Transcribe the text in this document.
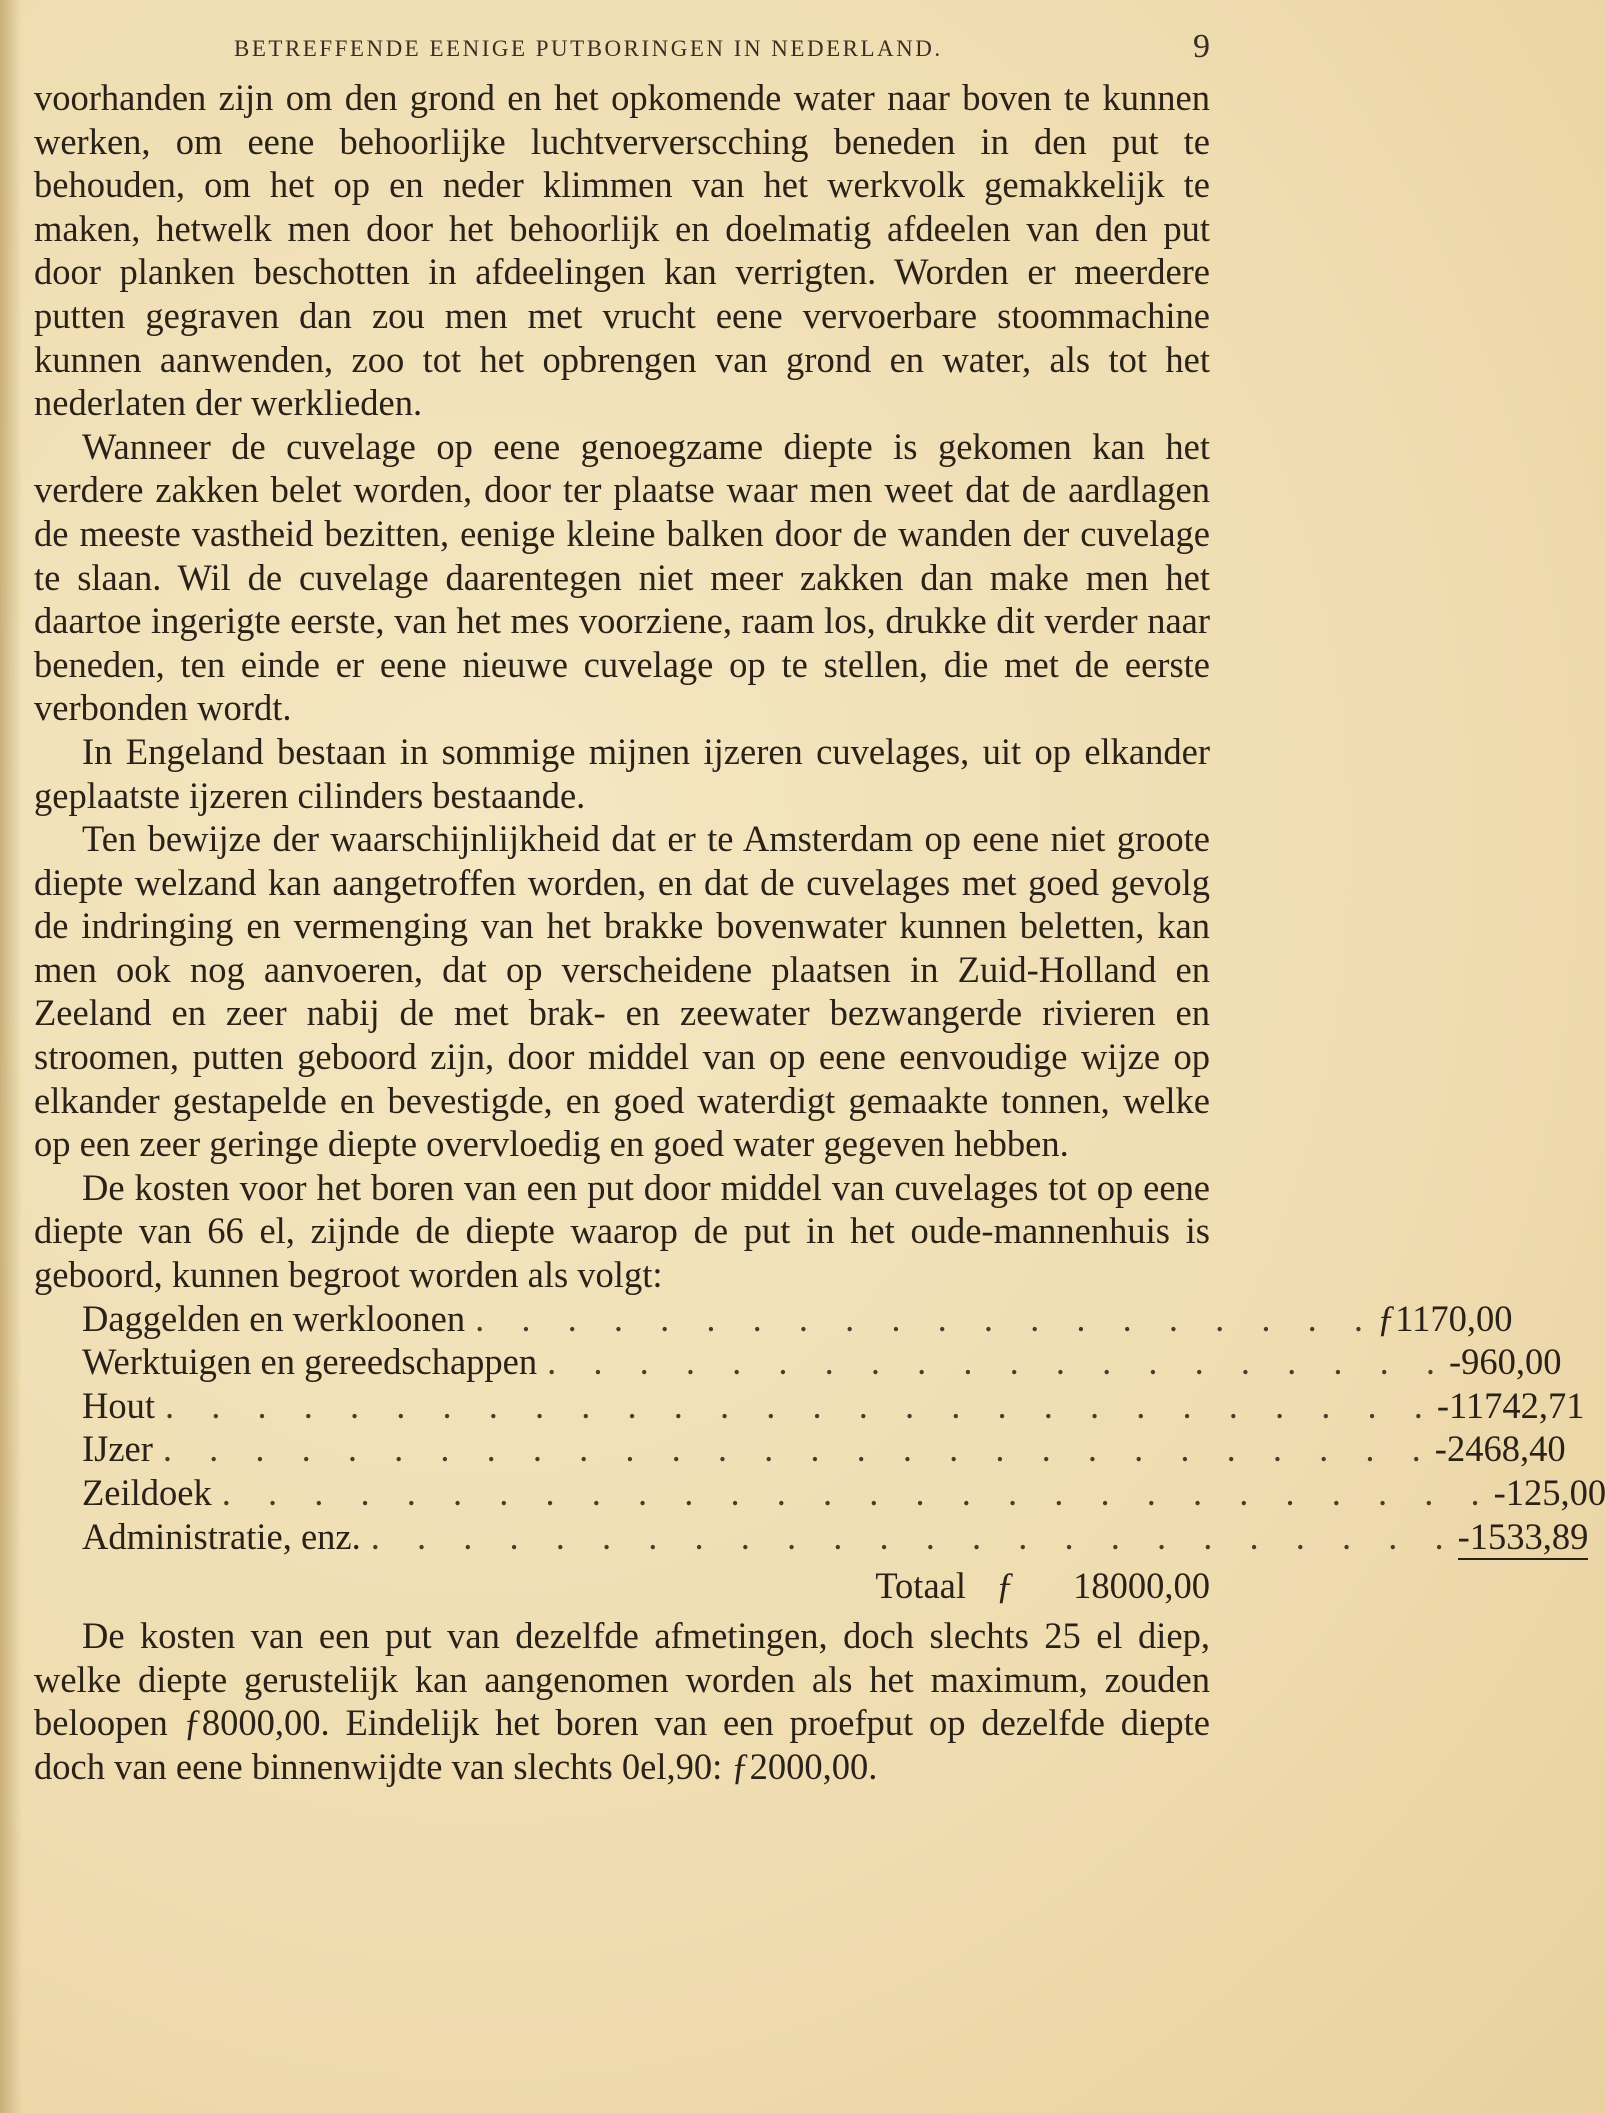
BETREFFENDE EENIGE PUTBORINGEN IN NEDERLAND.	9

voorhanden zijn om den grond en het opkomende water naar boven te kunnen werken, om eene behoorlijke luchtververscching beneden in den put te behouden, om het op en neder klimmen van het werkvolk gemakkelijk te maken, hetwelk men door het behoorlijk en doelmatig afdeelen van den put door planken beschotten in afdeelingen kan verrigten. Worden er meerdere putten gegraven dan zou men met vrucht eene vervoerbare stoommachine kunnen aanwenden, zoo tot het opbrengen van grond en water, als tot het nederlaten der werklieden.

Wanneer de cuvelage op eene genoegzame diepte is gekomen kan het verdere zakken belet worden, door ter plaatse waar men weet dat de aardlagen de meeste vastheid bezitten, eenige kleine balken door de wanden der cuvelage te slaan. Wil de cuvelage daarentegen niet meer zakken dan make men het daartoe ingerigte eerste, van het mes voorziene, raam los, drukke dit verder naar beneden, ten einde er eene nieuwe cuvelage op te stellen, die met de eerste verbonden wordt.

In Engeland bestaan in sommige mijnen ijzeren cuvelages, uit op elkander geplaatste ijzeren cilinders bestaande.

Ten bewijze der waarschijnlijkheid dat er te Amsterdam op eene niet groote diepte welzand kan aangetroffen worden, en dat de cuvelages met goed gevolg de indringing en vermenging van het brakke bovenwater kunnen beletten, kan men ook nog aanvoeren, dat op verscheidene plaatsen in Zuid-Holland en Zeeland en zeer nabij de met brak- en zeewater bezwangerde rivieren en stroomen, putten geboord zijn, door middel van op eene eenvoudige wijze op elkander gestapelde en bevestigde, en goed waterdigt gemaakte tonnen, welke op een zeer geringe diepte overvloedig en goed water gegeven hebben.

De kosten voor het boren van een put door middel van cuvelages tot op eene diepte van 66 el, zijnde de diepte waarop de put in het oude-mannenhuis is geboord, kunnen begroot worden als volgt:

Daggelden en werkloonen . . . . . . . . . . . . . . . . . . . . ƒ 1170,00
Werktuigen en gereedschappen . . . . . . . . . . . . . . . . . . . . - 960,00
Hout . . . . . . . . . . . . . . . . . . . . . . . . . . . . - 11742,71
IJzer . . . . . . . . . . . . . . . . . . . . . . . . . . . . - 2468,40
Zeildoek . . . . . . . . . . . . . . . . . . . . . . . . . . . . - 125,00
Administratie, enz. . . . . . . . . . . . . . . . . . . . . . . . . - 1533,89
Totaal ƒ	18000,00

De kosten van een put van dezelfde afmetingen, doch slechts 25 el diep, welke diepte gerustelijk kan aangenomen worden als het maximum, zouden beloopen ƒ8000,00. Eindelijk het boren van een proefput op dezelfde diepte doch van eene binnenwijdte van slechts 0el,90: ƒ2000,00.
